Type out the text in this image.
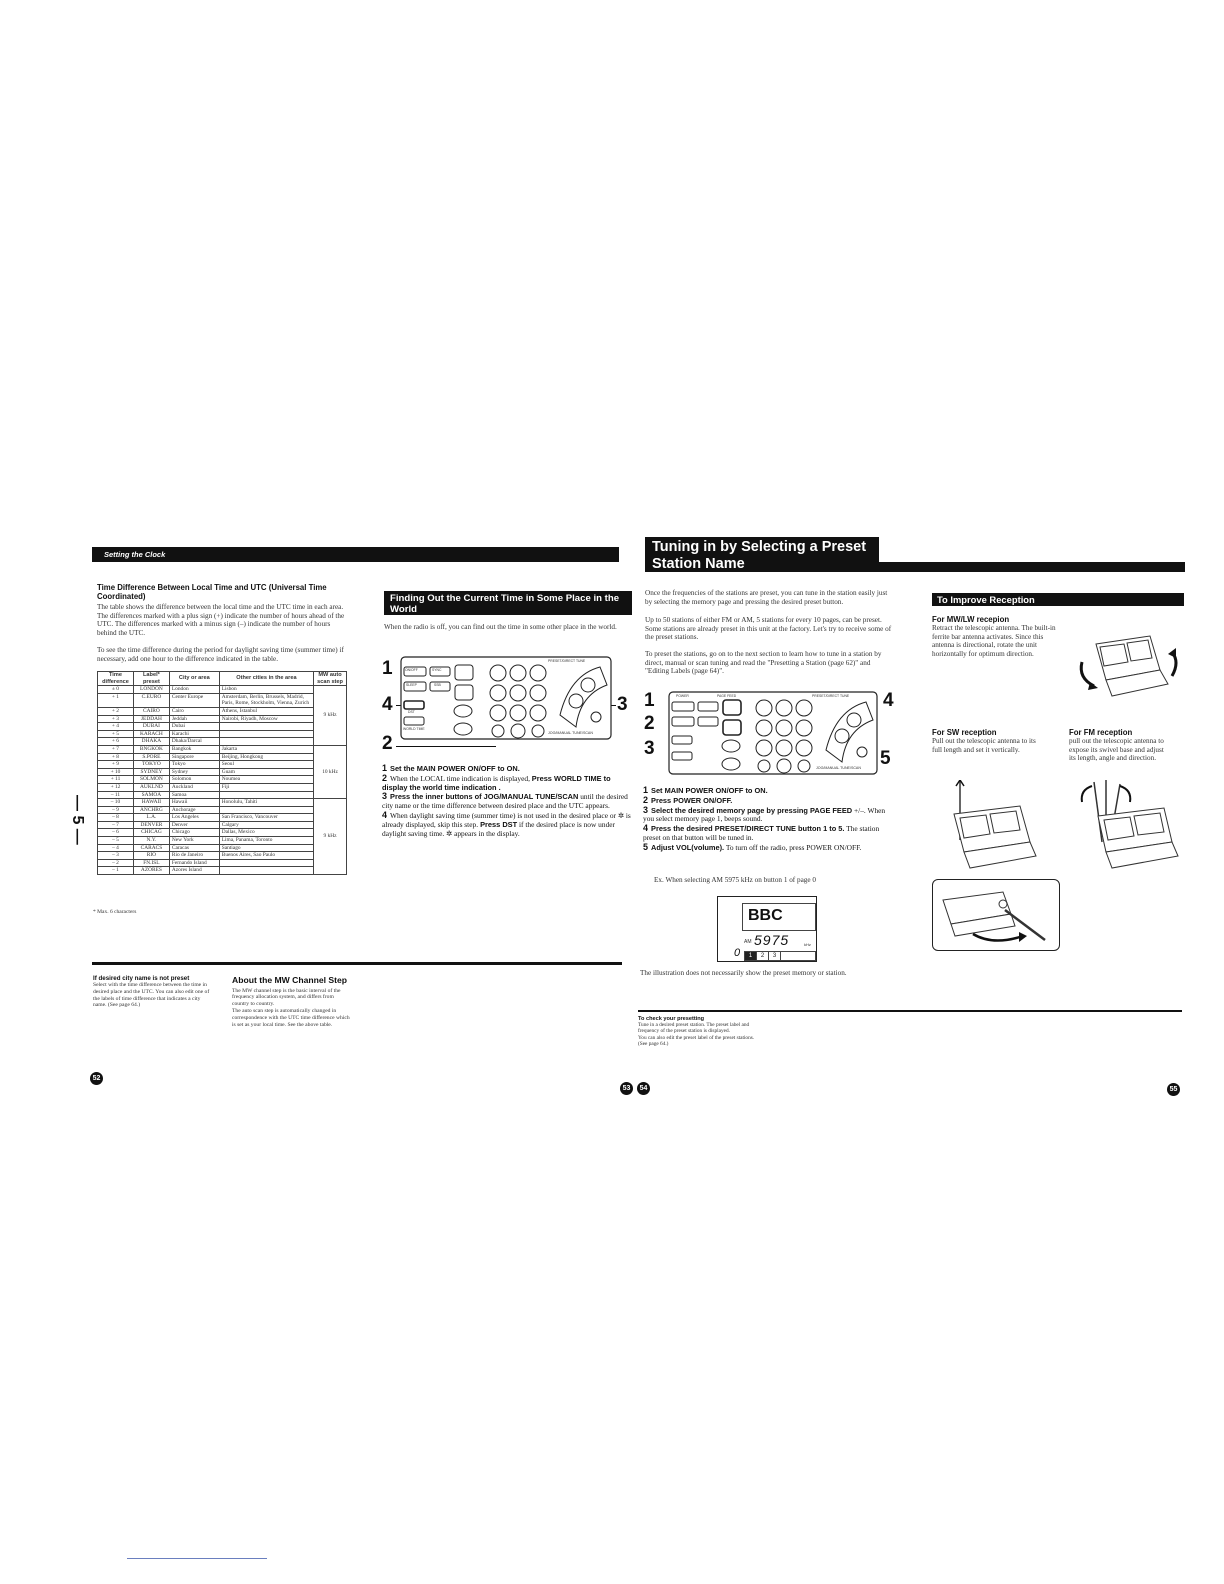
Setting the Clock
— 5 —
Time Difference Between Local Time and UTC (Universal Time Coordinated)
The table shows the difference between the local time and the UTC time in each area. The differences marked with a plus sign (+) indicate the number of hours ahead of the UTC. The differences marked with a minus sign (–) indicate the number of hours behind the UTC.
To see the time difference during the period for daylight saving time (summer time) if necessary, add one hour to the difference indicated in the table.
Time difference	Label* preset	City or area	Other cities in the area	MW auto scan step
± 0	LONDON	London	Lisbon	9 kHz
+ 1	C.EURO	Center Europe	Amsterdam, Berlin, Brussels, Madrid, Paris, Rome, Stockholm, Vienna, Zurich	
+ 2	CAIRO	Cairo	Athens, Istanbul	
+ 3	JEDDAH	Jeddah	Nairobi, Riyadh, Moscow	
+ 4	DUBAI	Dubai		
+ 5	KARACH	Karachi		
+ 6	DHAKA	Dhaka/Darcal		
+ 7	BNGKOK	Bangkok	Jakarta	10 kHz
+ 8	S.PORE	Singapore	Beijing, Hongkong	
+ 9	TOKYO	Tokyo	Seoul	
+ 10	SYDNEY	Sydney	Guam	
+ 11	SOLMON	Solomon	Noumea	
+ 12	AUKLND	Auckland	Fiji	
– 11	SAMOA	Samoa		
– 10	HAWAII	Hawaii	Honolulu, Tahiti	9 kHz
– 9	ANCHRG	Anchorage		
– 8	L.A.	Los Angeles	San Francisco, Vancouver	
– 7	DENVER	Denver	Calgary	
– 6	CHICAG	Chicago	Dallas, Mexico	
– 5	N.Y.	New York	Lima, Panama, Toronto	
– 4	CARACS	Caracas	Santiago	
– 3	RIO	Rio de Janeiro	Buenos Aires, Sao Paulo	
– 2	FN.ISL	Fernando Island		
– 1	AZORES	Azores Island		
* Max. 6 characters
Finding Out the Current Time in Some Place in the World
When the radio is off, you can find out the time in some other place in the world.
1
4
2
3
JOG/MANUAL TUNE/SCAN
ON/OFF	SYNC
SLEEP	SSB
DST
WORLD TIME
PRESET/DIRECT TUNE
1 Set the MAIN POWER ON/OFF to ON.
2 When the LOCAL time indication is displayed, Press WORLD TIME to display the world time indication .
3 Press the inner buttons of JOG/MANUAL TUNE/SCAN until the desired city name or the time difference between desired place and the UTC appears.
4 When daylight saving time (summer time) is not used in the desired place or ✲ is already displayed, skip this step. Press DST if the desired place is now under daylight saving time. ✲ appears in the display.
If desired city name is not preset
Select with the time difference between the time in desired place and the UTC. You can also edit one of the labels of time difference that indicates a city name. (See page 64.)
About the MW Channel Step
The MW channel step is the basic interval of the frequency allocation system, and differs from country to country.
The auto scan step is automatically changed in correspondence with the UTC time difference which is set as your local time. See the above table.
52
53	54	55
Tuning in by Selecting a Preset
Station Name
Once the frequencies of the stations are preset, you can tune in the station easily just by selecting the memory page and pressing the desired preset button.
Up to 50 stations of either FM or AM, 5 stations for every 10 pages, can be preset. Some stations are already preset in this unit at the factory. Let's try to receive some of the preset stations.
To preset the stations, go on to the next section to learn how to tune in a station by direct, manual or scan tuning and read the "Presetting a Station (page 62)" and "Editing Labels (page 64)".
1
2
3
4
5
PRESET/DIRECT TUNE
PAGE FEED
POWER
JOG/MANUAL TUNE/SCAN
1 Set MAIN POWER ON/OFF to ON.
2 Press POWER ON/OFF.
3 Select the desired memory page by pressing PAGE FEED +/–. When you select memory page 1, beeps sound.
4 Press the desired PRESET/DIRECT TUNE button 1 to 5. The station preset on that button will be tuned in.
5 Adjust VOL(volume). To turn off the radio, press POWER ON/OFF.
Ex. When selecting AM 5975 kHz on button 1 of page 0
BBC
AM 5975	kHz
0	1	2	3
The illustration does not necessarily show the preset memory or station.
To check your presetting
Tune in a desired preset station. The preset label and frequency of the preset station is displayed.
You can also edit the preset label of the preset stations. (See page 64.)
To Improve Reception
For MW/LW recepion
Retract the telescopic antenna. The built-in ferrite bar antenna activates. Since this antenna is directional, rotate the unit horizontally for optimum direction.
For SW reception
Pull out the telescopic antenna to its full length and set it vertically.
For FM reception
pull out the telescopic antenna to expose its swivel base and adjust its length, angle and direction.
